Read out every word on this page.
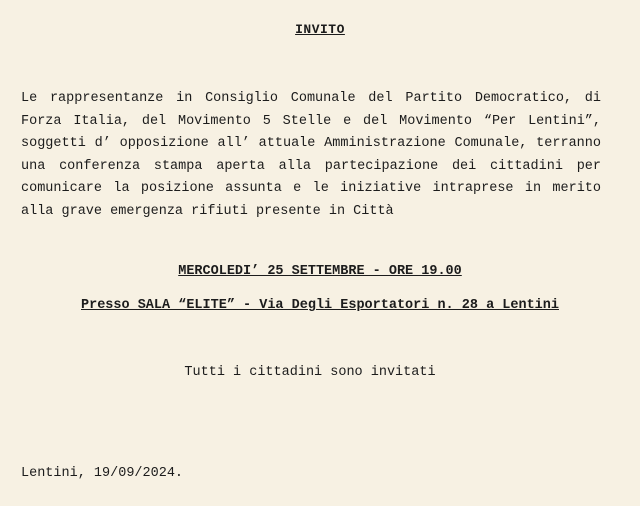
INVITO
Le rappresentanze in Consiglio Comunale del Partito Democratico, di Forza Italia, del Movimento 5 Stelle e del Movimento “Per Lentini”, soggetti d’ opposizione all’ attuale Amministrazione Comunale, terranno una conferenza stampa aperta alla partecipazione dei cittadini per comunicare la posizione assunta e le iniziative intraprese in merito alla grave emergenza rifiuti presente in Città
MERCOLEDI’ 25 SETTEMBRE - ORE 19.00
Presso SALA “ELITE” - Via Degli Esportatori n. 28 a Lentini
Tutti i cittadini sono invitati
Lentini, 19/09/2024.
